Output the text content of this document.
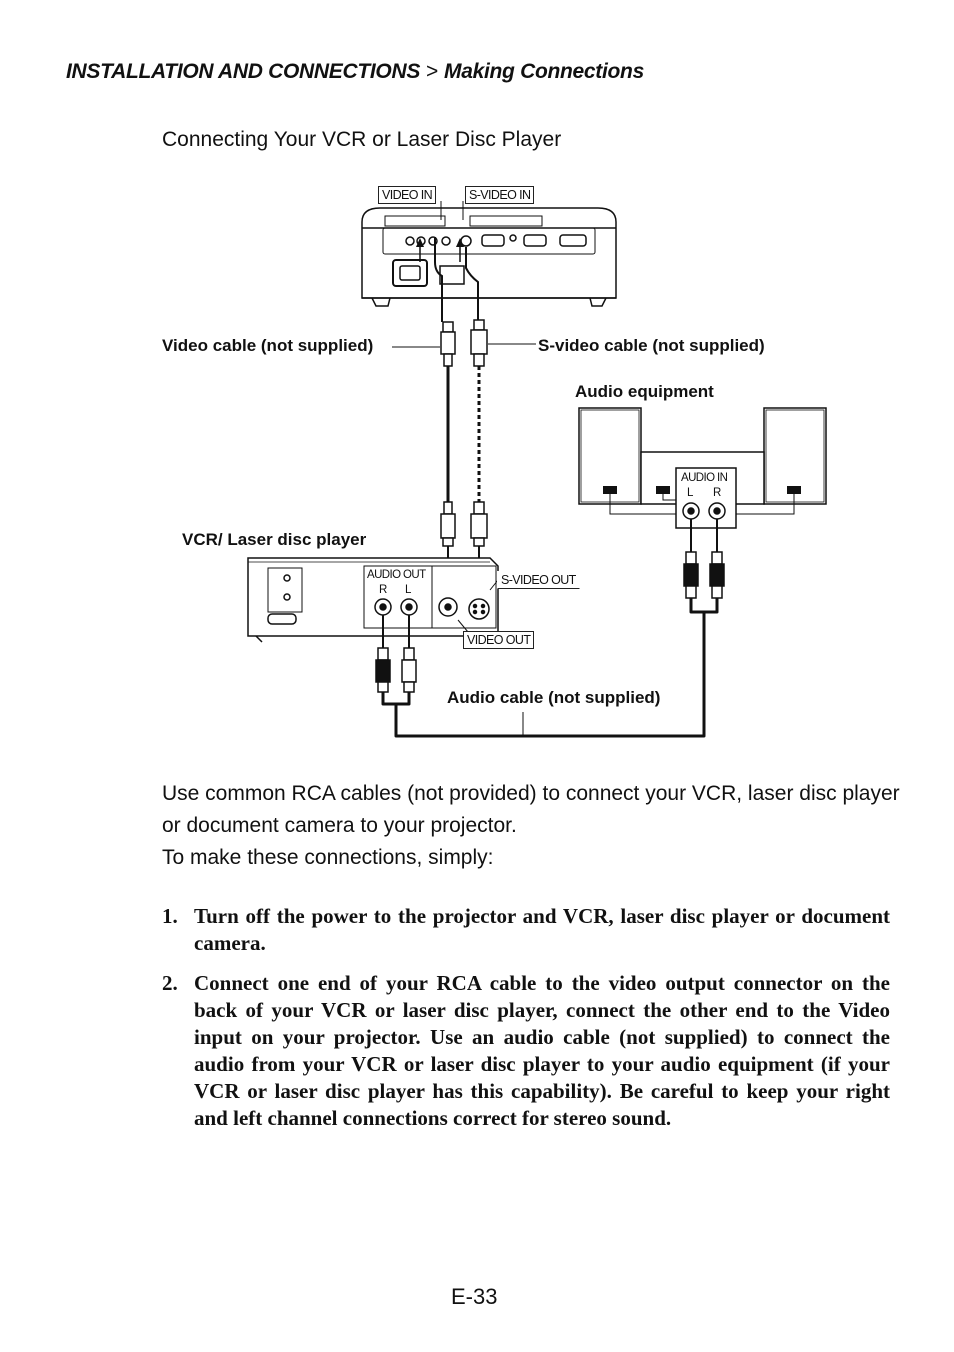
INSTALLATION AND CONNECTIONS > Making Connections
Connecting Your VCR or Laser Disc Player
VIDEO IN	S-VIDEO IN
Video cable (not supplied)	S-video cable (not supplied)
Audio equipment
AUDIO IN
L R
VCR/ Laser disc player
AUDIO OUT
R L
S-VIDEO OUT
VIDEO OUT
Audio cable (not supplied)

Use common RCA cables (not provided) to connect your VCR, laser disc player or document camera to your projector.

To make these connections, simply:

1. Turn off the power to the projector and VCR, laser disc player or document camera.
2. Connect one end of your RCA cable to the video output connector on the back of your VCR or laser disc player, connect the other end to the Video input on your projector. Use an audio cable (not supplied) to connect the audio from your VCR or laser disc player to your audio equipment (if your VCR or laser disc player has this capability). Be careful to keep your right and left channel connections correct for stereo sound.
E-33
